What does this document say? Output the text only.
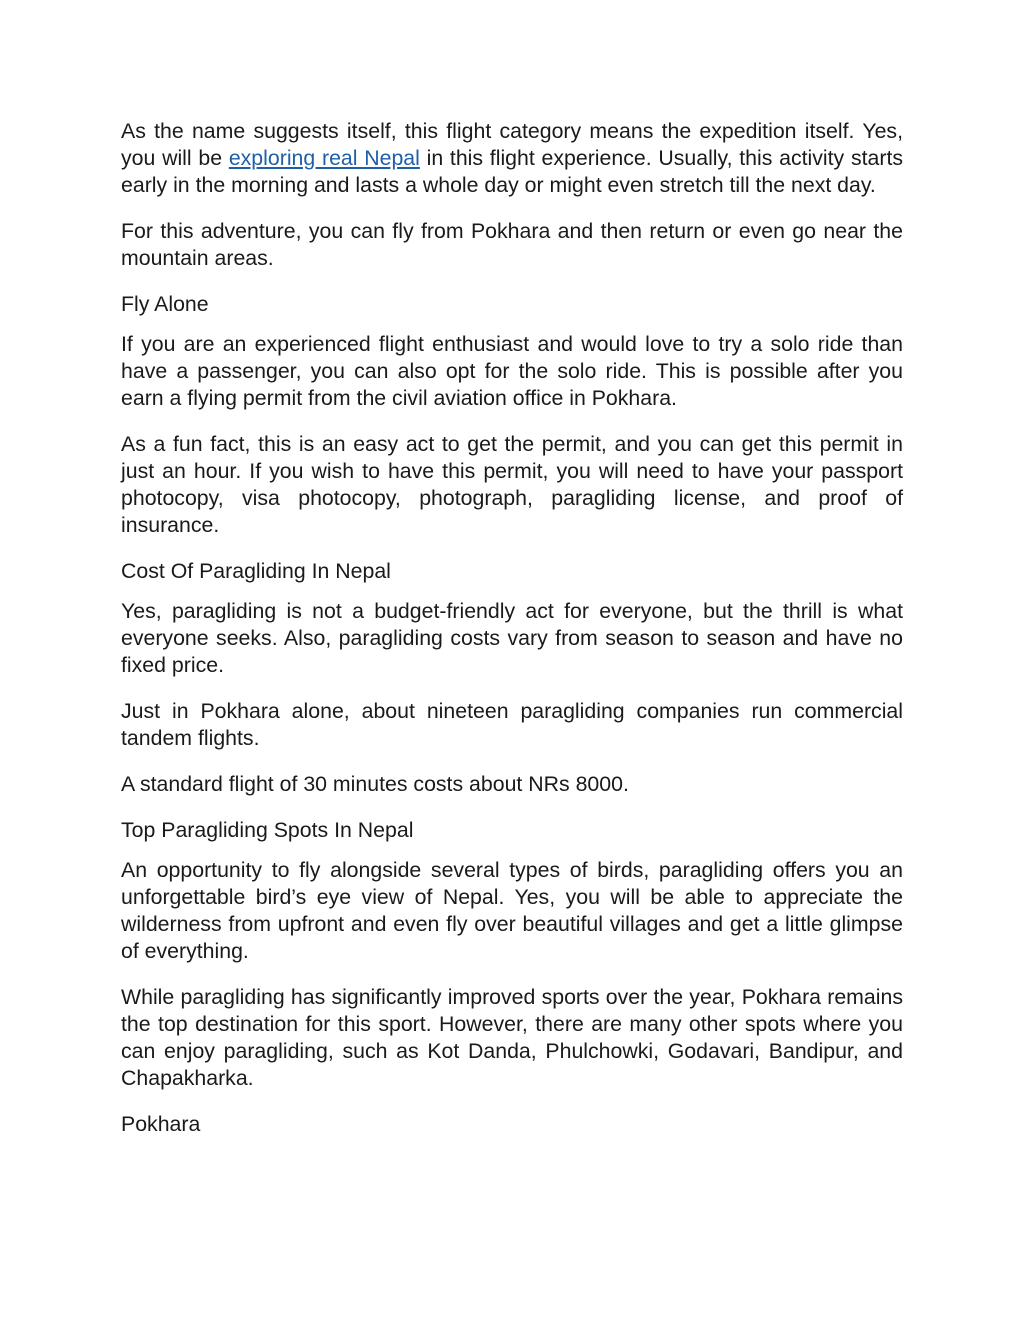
As the name suggests itself, this flight category means the expedition itself. Yes, you will be exploring real Nepal in this flight experience. Usually, this activity starts early in the morning and lasts a whole day or might even stretch till the next day.

For this adventure, you can fly from Pokhara and then return or even go near the mountain areas.

Fly Alone

If you are an experienced flight enthusiast and would love to try a solo ride than have a passenger, you can also opt for the solo ride. This is possible after you earn a flying permit from the civil aviation office in Pokhara.

As a fun fact, this is an easy act to get the permit, and you can get this permit in just an hour. If you wish to have this permit, you will need to have your passport photocopy, visa photocopy, photograph, paragliding license, and proof of insurance.

Cost Of Paragliding In Nepal

Yes, paragliding is not a budget-friendly act for everyone, but the thrill is what everyone seeks. Also, paragliding costs vary from season to season and have no fixed price.

Just in Pokhara alone, about nineteen paragliding companies run commercial tandem flights.

A standard flight of 30 minutes costs about NRs 8000.

Top Paragliding Spots In Nepal

An opportunity to fly alongside several types of birds, paragliding offers you an unforgettable bird’s eye view of Nepal. Yes, you will be able to appreciate the wilderness from upfront and even fly over beautiful villages and get a little glimpse of everything.

While paragliding has significantly improved sports over the year, Pokhara remains the top destination for this sport. However, there are many other spots where you can enjoy paragliding, such as Kot Danda, Phulchowki, Godavari, Bandipur, and Chapakharka.

Pokhara
